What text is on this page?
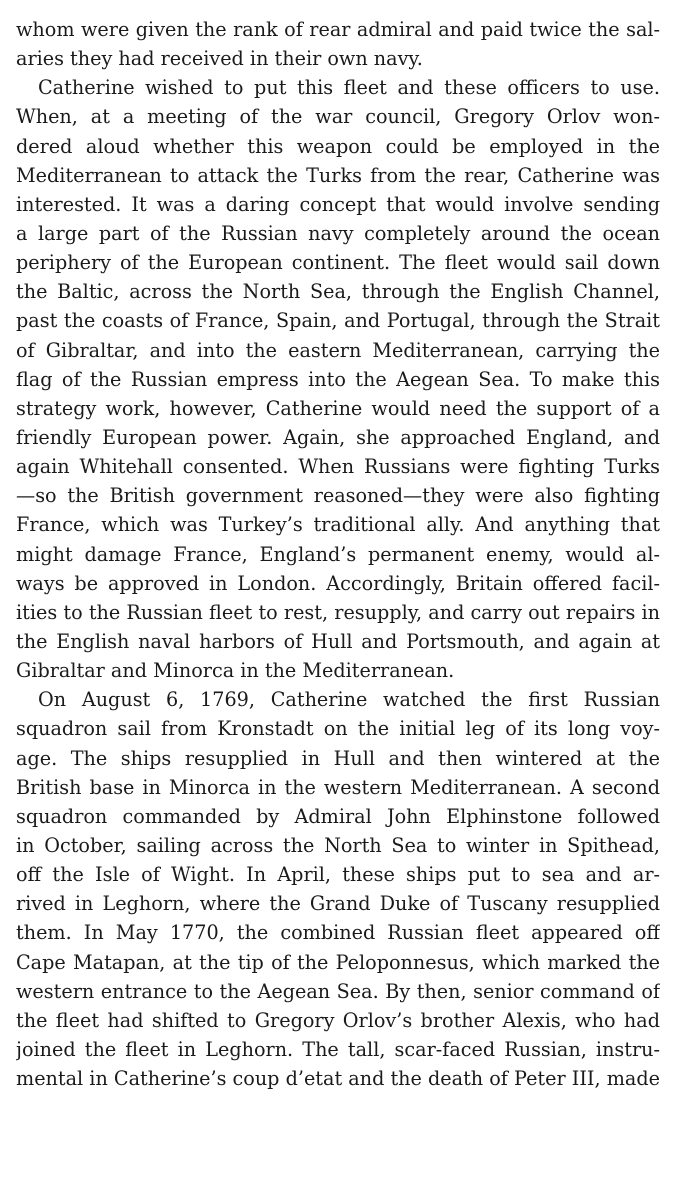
whom were given the rank of rear admiral and paid twice the sal-
aries they had received in their own navy.

Catherine wished to put this fleet and these officers to use.
When, at a meeting of the war council, Gregory Orlov won-
dered aloud whether this weapon could be employed in the
Mediterranean to attack the Turks from the rear, Catherine was
interested. It was a daring concept that would involve sending
a large part of the Russian navy completely around the ocean
periphery of the European continent. The fleet would sail down
the Baltic, across the North Sea, through the English Channel,
past the coasts of France, Spain, and Portugal, through the Strait
of Gibraltar, and into the eastern Mediterranean, carrying the
flag of the Russian empress into the Aegean Sea. To make this
strategy work, however, Catherine would need the support of a
friendly European power. Again, she approached England, and
again Whitehall consented. When Russians were fighting Turks
—so the British government reasoned—they were also fighting
France, which was Turkey’s traditional ally. And anything that
might damage France, England’s permanent enemy, would al-
ways be approved in London. Accordingly, Britain offered facil-
ities to the Russian fleet to rest, resupply, and carry out repairs in
the English naval harbors of Hull and Portsmouth, and again at
Gibraltar and Minorca in the Mediterranean.

On August 6, 1769, Catherine watched the first Russian
squadron sail from Kronstadt on the initial leg of its long voy-
age. The ships resupplied in Hull and then wintered at the
British base in Minorca in the western Mediterranean. A second
squadron commanded by Admiral John Elphinstone followed
in October, sailing across the North Sea to winter in Spithead,
off the Isle of Wight. In April, these ships put to sea and ar-
rived in Leghorn, where the Grand Duke of Tuscany resupplied
them. In May 1770, the combined Russian fleet appeared off
Cape Matapan, at the tip of the Peloponnesus, which marked the
western entrance to the Aegean Sea. By then, senior command of
the fleet had shifted to Gregory Orlov’s brother Alexis, who had
joined the fleet in Leghorn. The tall, scar-faced Russian, instru-
mental in Catherine’s coup d’etat and the death of Peter III, made
